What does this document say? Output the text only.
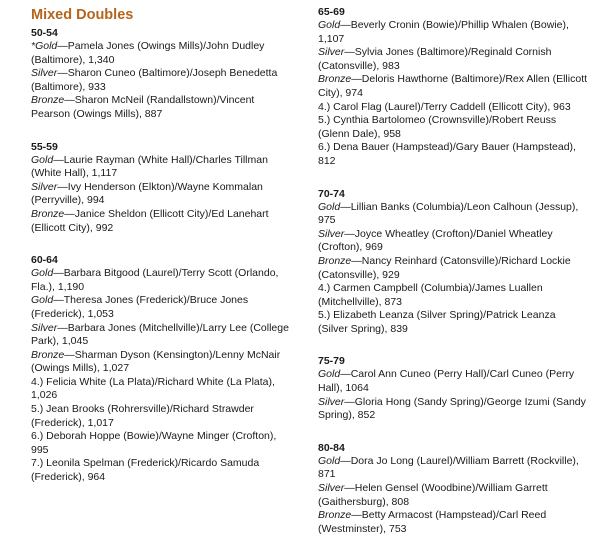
Mixed Doubles

50-54

*Gold—Pamela Jones (Owings Mills)/John Dudley (Baltimore), 1,340

Silver—Sharon Cuneo (Baltimore)/Joseph Benedetta (Baltimore), 933

Bronze—Sharon McNeil (Randallstown)/Vincent Pearson (Owings Mills), 887

55-59

Gold—Laurie Rayman (White Hall)/Charles Tillman (White Hall), 1,117

Silver—Ivy Henderson (Elkton)/Wayne Kommalan (Perryville), 994

Bronze—Janice Sheldon (Ellicott City)/Ed Lanehart (Ellicott City), 992

60-64

Gold—Barbara Bitgood (Laurel)/Terry Scott (Orlando, Fla.), 1,190

Gold—Theresa Jones (Frederick)/Bruce Jones (Frederick), 1,053

Silver—Barbara Jones (Mitchellville)/Larry Lee (College Park), 1,045

Bronze—Sharman Dyson (Kensington)/Lenny McNair (Owings Mills), 1,027

4.) Felicia White (La Plata)/Richard White (La Plata), 1,026

5.) Jean Brooks (Rohrersville)/Richard Strawder (Frederick), 1,017

6.) Deborah Hoppe (Bowie)/Wayne Minger (Crofton), 995

7.) Leonila Spelman (Frederick)/Ricardo Samuda (Frederick), 964

65-69

Gold—Beverly Cronin (Bowie)/Phillip Whalen (Bowie), 1,107

Silver—Sylvia Jones (Baltimore)/Reginald Cornish (Catonsville), 983

Bronze—Deloris Hawthorne (Baltimore)/Rex Allen (Ellicott City), 974

4.) Carol Flag (Laurel)/Terry Caddell (Ellicott City), 963

5.) Cynthia Bartolomeo (Crownsville)/Robert Reuss (Glenn Dale), 958

6.) Dena Bauer (Hampstead)/Gary Bauer (Hampstead), 812

70-74

Gold—Lillian Banks (Columbia)/Leon Calhoun (Jessup), 975

Silver—Joyce Wheatley (Crofton)/Daniel Wheatley (Crofton), 969

Bronze—Nancy Reinhard (Catonsville)/Richard Lockie (Catonsville), 929

4.) Carmen Campbell (Columbia)/James Luallen (Mitchellville), 873

5.) Elizabeth Leanza (Silver Spring)/Patrick Leanza (Silver Spring), 839

75-79

Gold—Carol Ann Cuneo (Perry Hall)/Carl Cuneo (Perry Hall), 1064

Silver—Gloria Hong (Sandy Spring)/George Izumi (Sandy Spring), 852

80-84

Gold—Dora Jo Long (Laurel)/William Barrett (Rockville), 871

Silver—Helen Gensel (Woodbine)/William Garrett (Gaithersburg), 808

Bronze—Betty Armacost (Hampstead)/Carl Reed (Westminster), 753
